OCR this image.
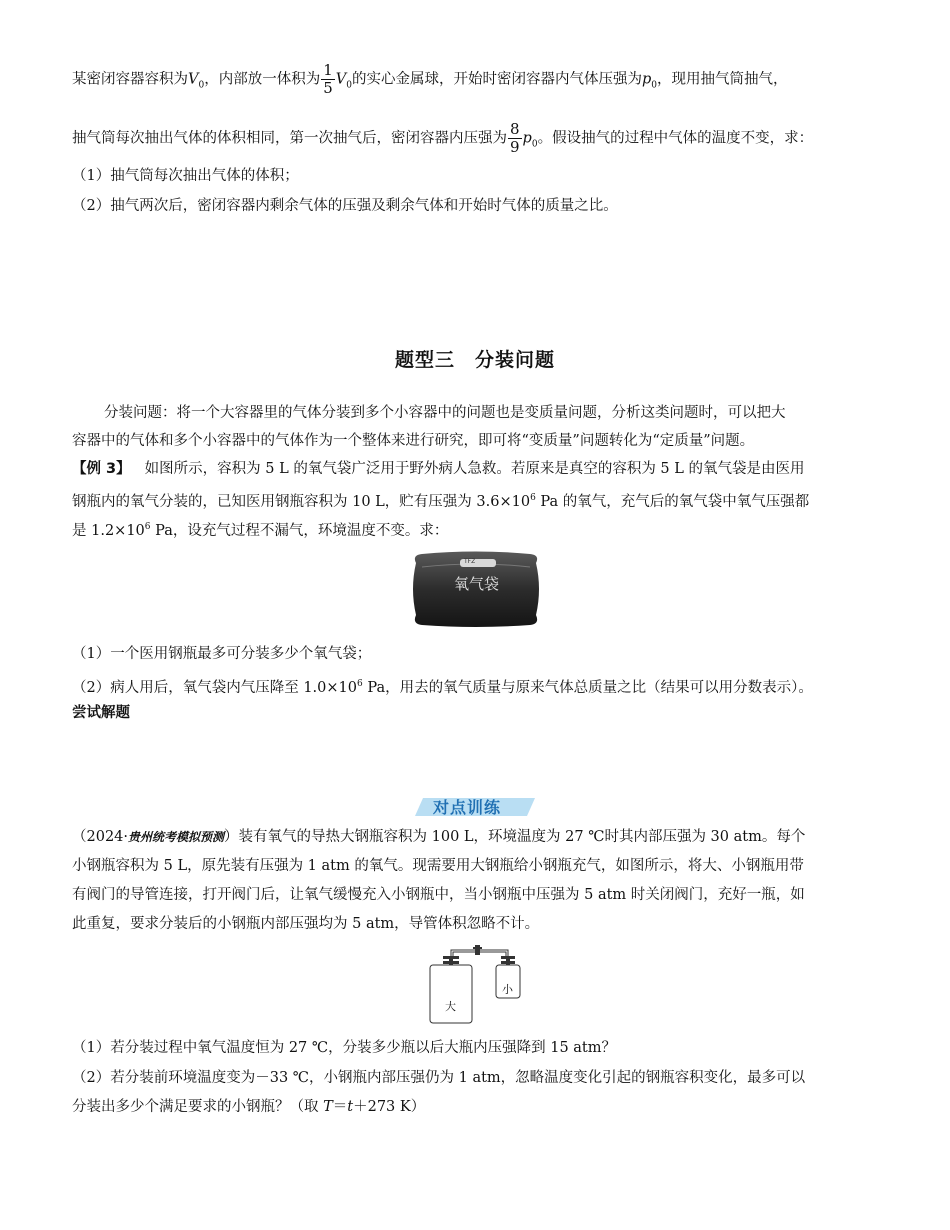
某密闭容器容积为$V_0$，内部放一体积为 $\frac{1}{5} V_0$的实心金属球，开始时密闭容器内气体压强为$p_0$，现用抽气筒抽气，
抽气筒每次抽出气体的体积相同，第一次抽气后，密闭容器内压强为 $\frac{8}{9} p_0$。假设抽气的过程中气体的温度不变，求：
（1）抽气筒每次抽出气体的体积；
（2）抽气两次后，密闭容器内剩余气体的压强及剩余气体和开始时气体的质量之比。
题型三　分装问题
分装问题：将一个大容器里的气体分装到多个小容器中的问题也是变质量问题，分析这类问题时，可以把大
容器中的气体和多个小容器中的气体作为一个整体来进行研究，即可将“变质量”问题转化为“定质量”问题。
【例 3】 如图所示，容积为 5 L 的氧气袋广泛用于野外病人急救。若原来是真空的容积为 5 L 的氧气袋是由医用
钢瓶内的氧气分装的，已知医用钢瓶容积为 10 L，贮有压强为 $3.6\times 10^6$ Pa 的氧气，充气后的氧气袋中氧气压强都
是 $1.2\times 10^6$ Pa，设充气过程不漏气，环境温度不变。求：
TFZ
氧气袋
（1）一个医用钢瓶最多可分装多少个氧气袋；
（2）病人用后，氧气袋内气压降至 $1.0\times 10^6$ Pa，用去的氧气质量与原来气体总质量之比（结果可以用分数表示）。
尝试解题
对点训练
（2024·贵州统考模拟预测）装有氧气的导热大钢瓶容积为 100 L，环境温度为 27 ℃时其内部压强为 30 atm。每个
小钢瓶容积为 5 L，原先装有压强为 1 atm 的氧气。现需要用大钢瓶给小钢瓶充气，如图所示，将大、小钢瓶用带
有阀门的导管连接，打开阀门后，让氧气缓慢充入小钢瓶中，当小钢瓶中压强为 5 atm 时关闭阀门，充好一瓶，如
此重复，要求分装后的小钢瓶内部压强均为 5 atm，导管体积忽略不计。
大
小
（1）若分装过程中氧气温度恒为 27 ℃，分装多少瓶以后大瓶内压强降到 15 atm？
（2）若分装前环境温度变为－33 ℃，小钢瓶内部压强仍为 1 atm，忽略温度变化引起的钢瓶容积变化，最多可以
分装出多少个满足要求的小钢瓶？（取 T＝t＋273 K）
